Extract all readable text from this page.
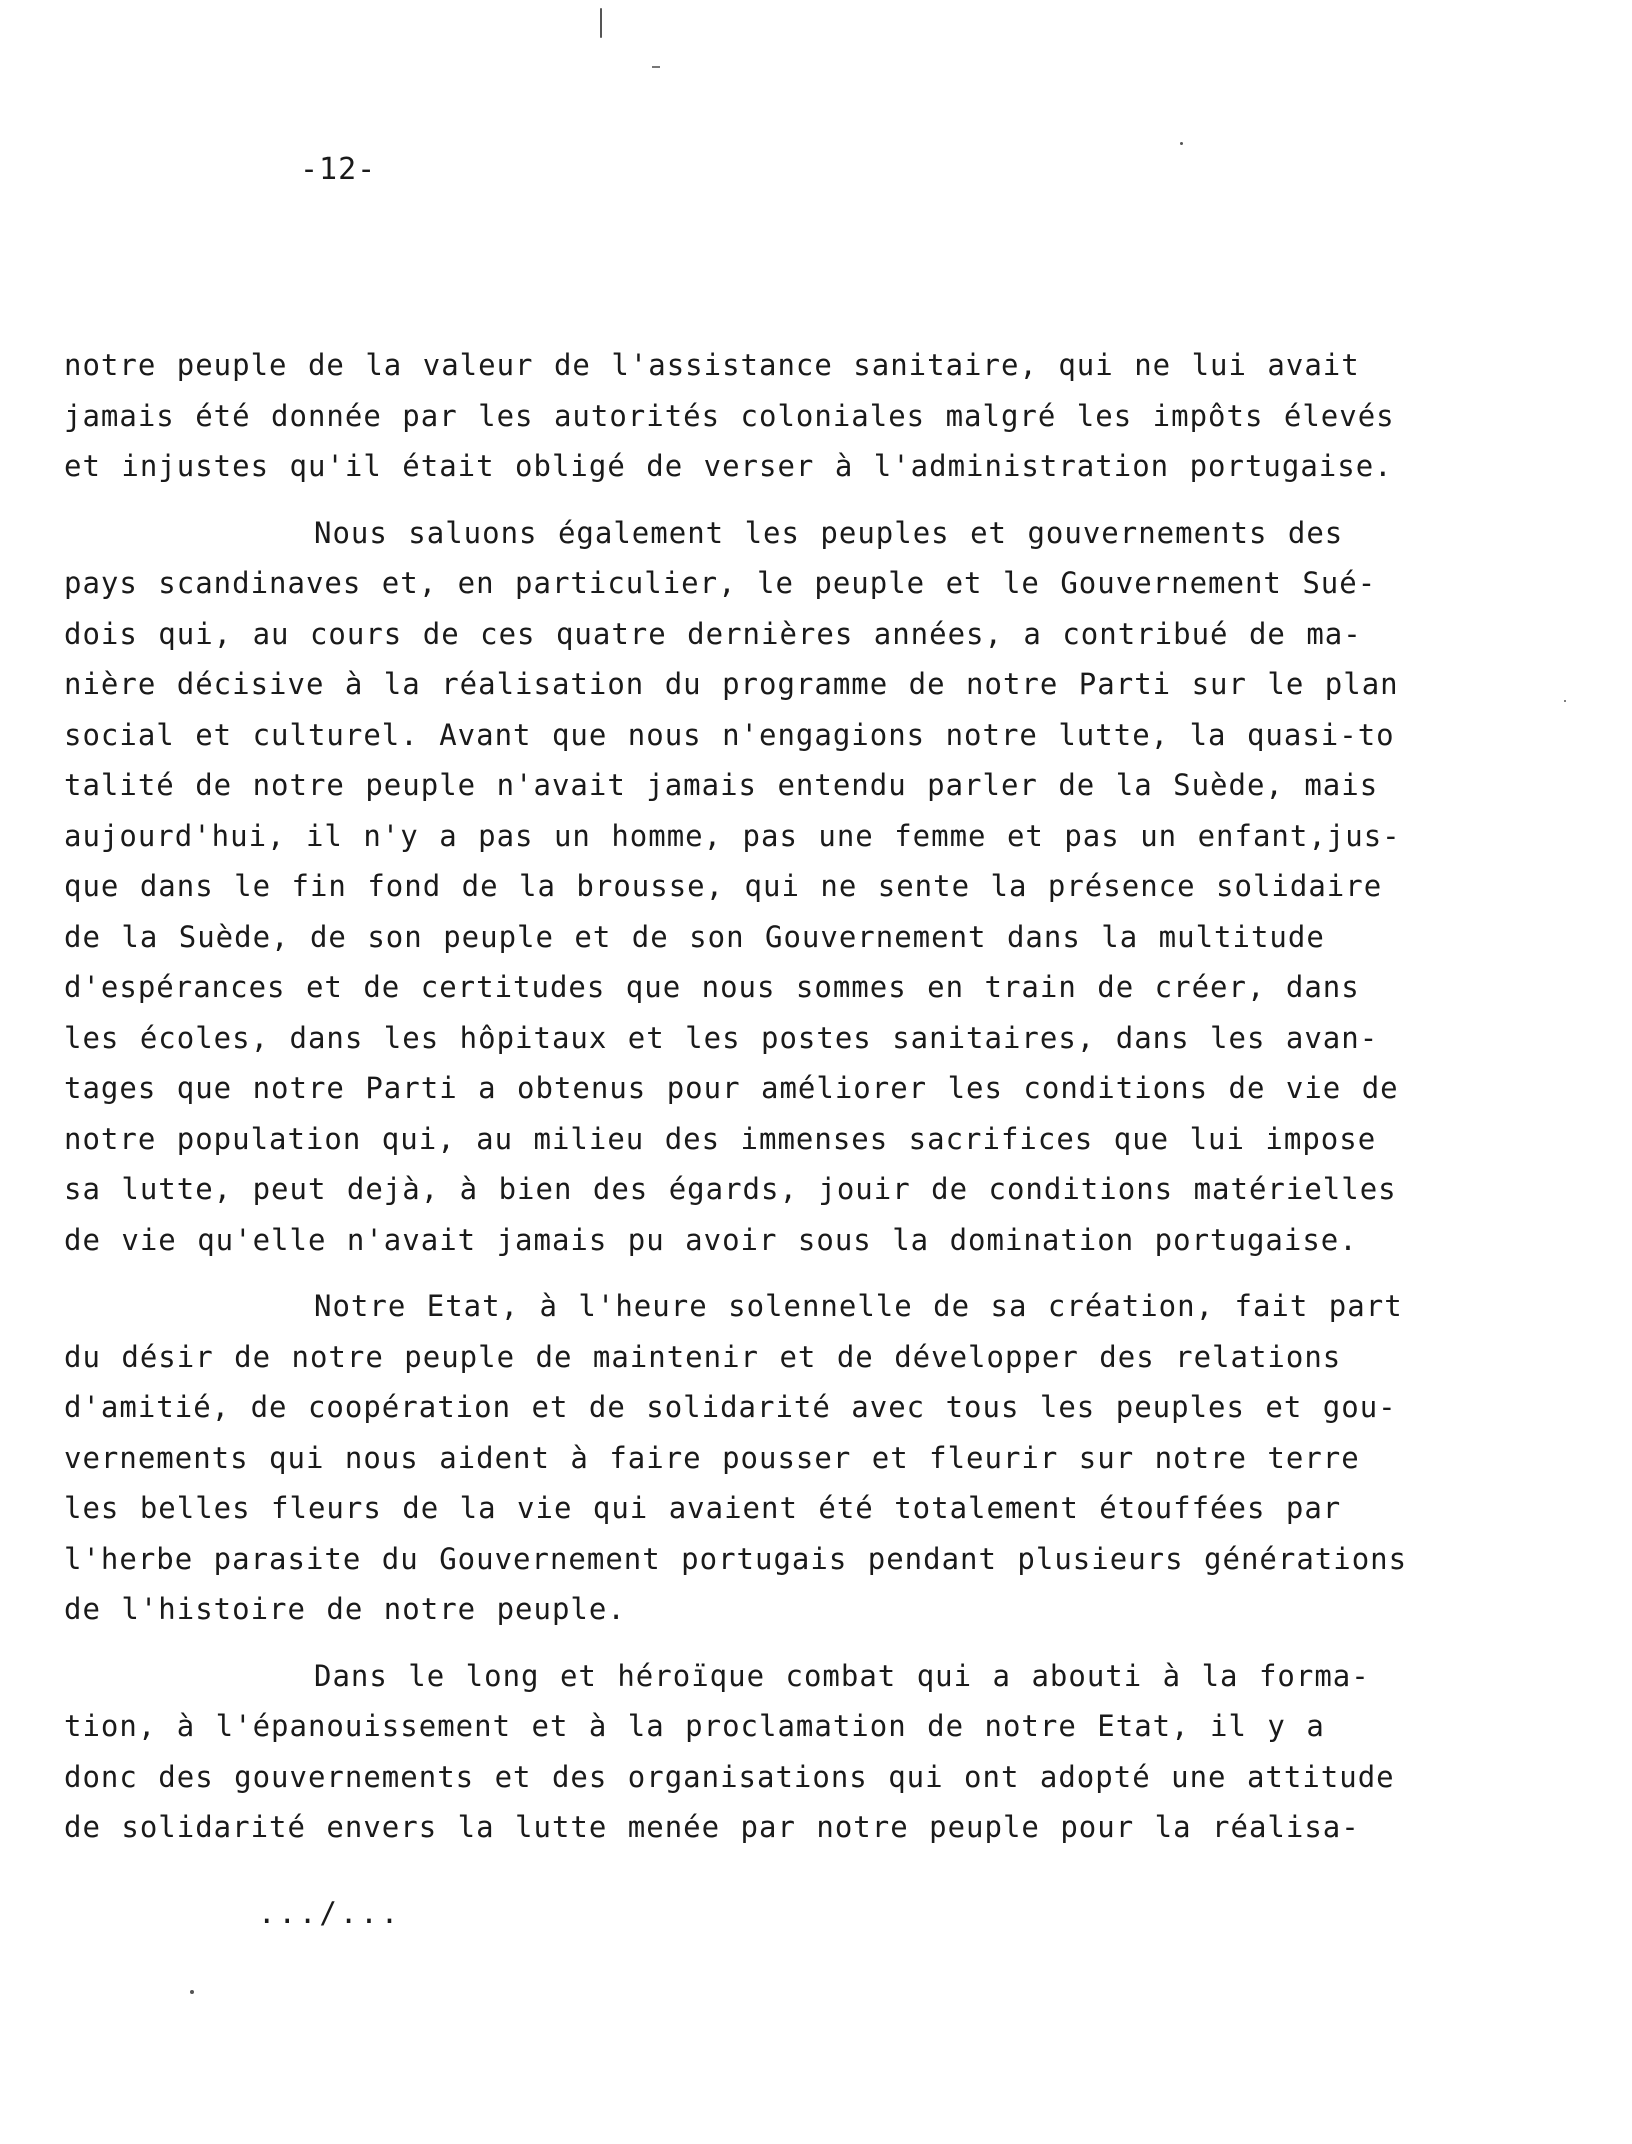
-12-
notre peuple de la valeur de l'assistance sanitaire, qui ne lui avait
jamais été donnée par les autorités coloniales malgré les impôts élevés
et injustes qu'il était obligé de verser à l'administration portugaise.
Nous saluons également les peuples et gouvernements des
pays scandinaves et, en particulier, le peuple et le Gouvernement Sué-
dois qui, au cours de ces quatre dernières années, a contribué de ma-
nière décisive à la réalisation du programme de notre Parti sur le plan
social et culturel. Avant que nous n'engagions notre lutte, la quasi-to
talité de notre peuple n'avait jamais entendu parler de la Suède, mais
aujourd'hui, il n'y a pas un homme, pas une femme et pas un enfant,jus-
que dans le fin fond de la brousse, qui ne sente la présence solidaire
de la Suède, de son peuple et de son Gouvernement dans la multitude
d'espérances et de certitudes que nous sommes en train de créer, dans
les écoles, dans les hôpitaux et les postes sanitaires, dans les avan-
tages que notre Parti a obtenus pour améliorer les conditions de vie de
notre population qui, au milieu des immenses sacrifices que lui impose
sa lutte, peut dejà, à bien des égards, jouir de conditions matérielles
de vie qu'elle n'avait jamais pu avoir sous la domination portugaise.
Notre Etat, à l'heure solennelle de sa création, fait part
du désir de notre peuple de maintenir et de développer des relations
d'amitié, de coopération et de solidarité avec tous les peuples et gou-
vernements qui nous aident à faire pousser et fleurir sur notre terre
les belles fleurs de la vie qui avaient été totalement étouffées par
l'herbe parasite du Gouvernement portugais pendant plusieurs générations
de l'histoire de notre peuple.
Dans le long et héroïque combat qui a abouti à la forma-
tion, à l'épanouissement et à la proclamation de notre Etat, il y a
donc des gouvernements et des organisations qui ont adopté une attitude
de solidarité envers la lutte menée par notre peuple pour la réalisa-
.../...
